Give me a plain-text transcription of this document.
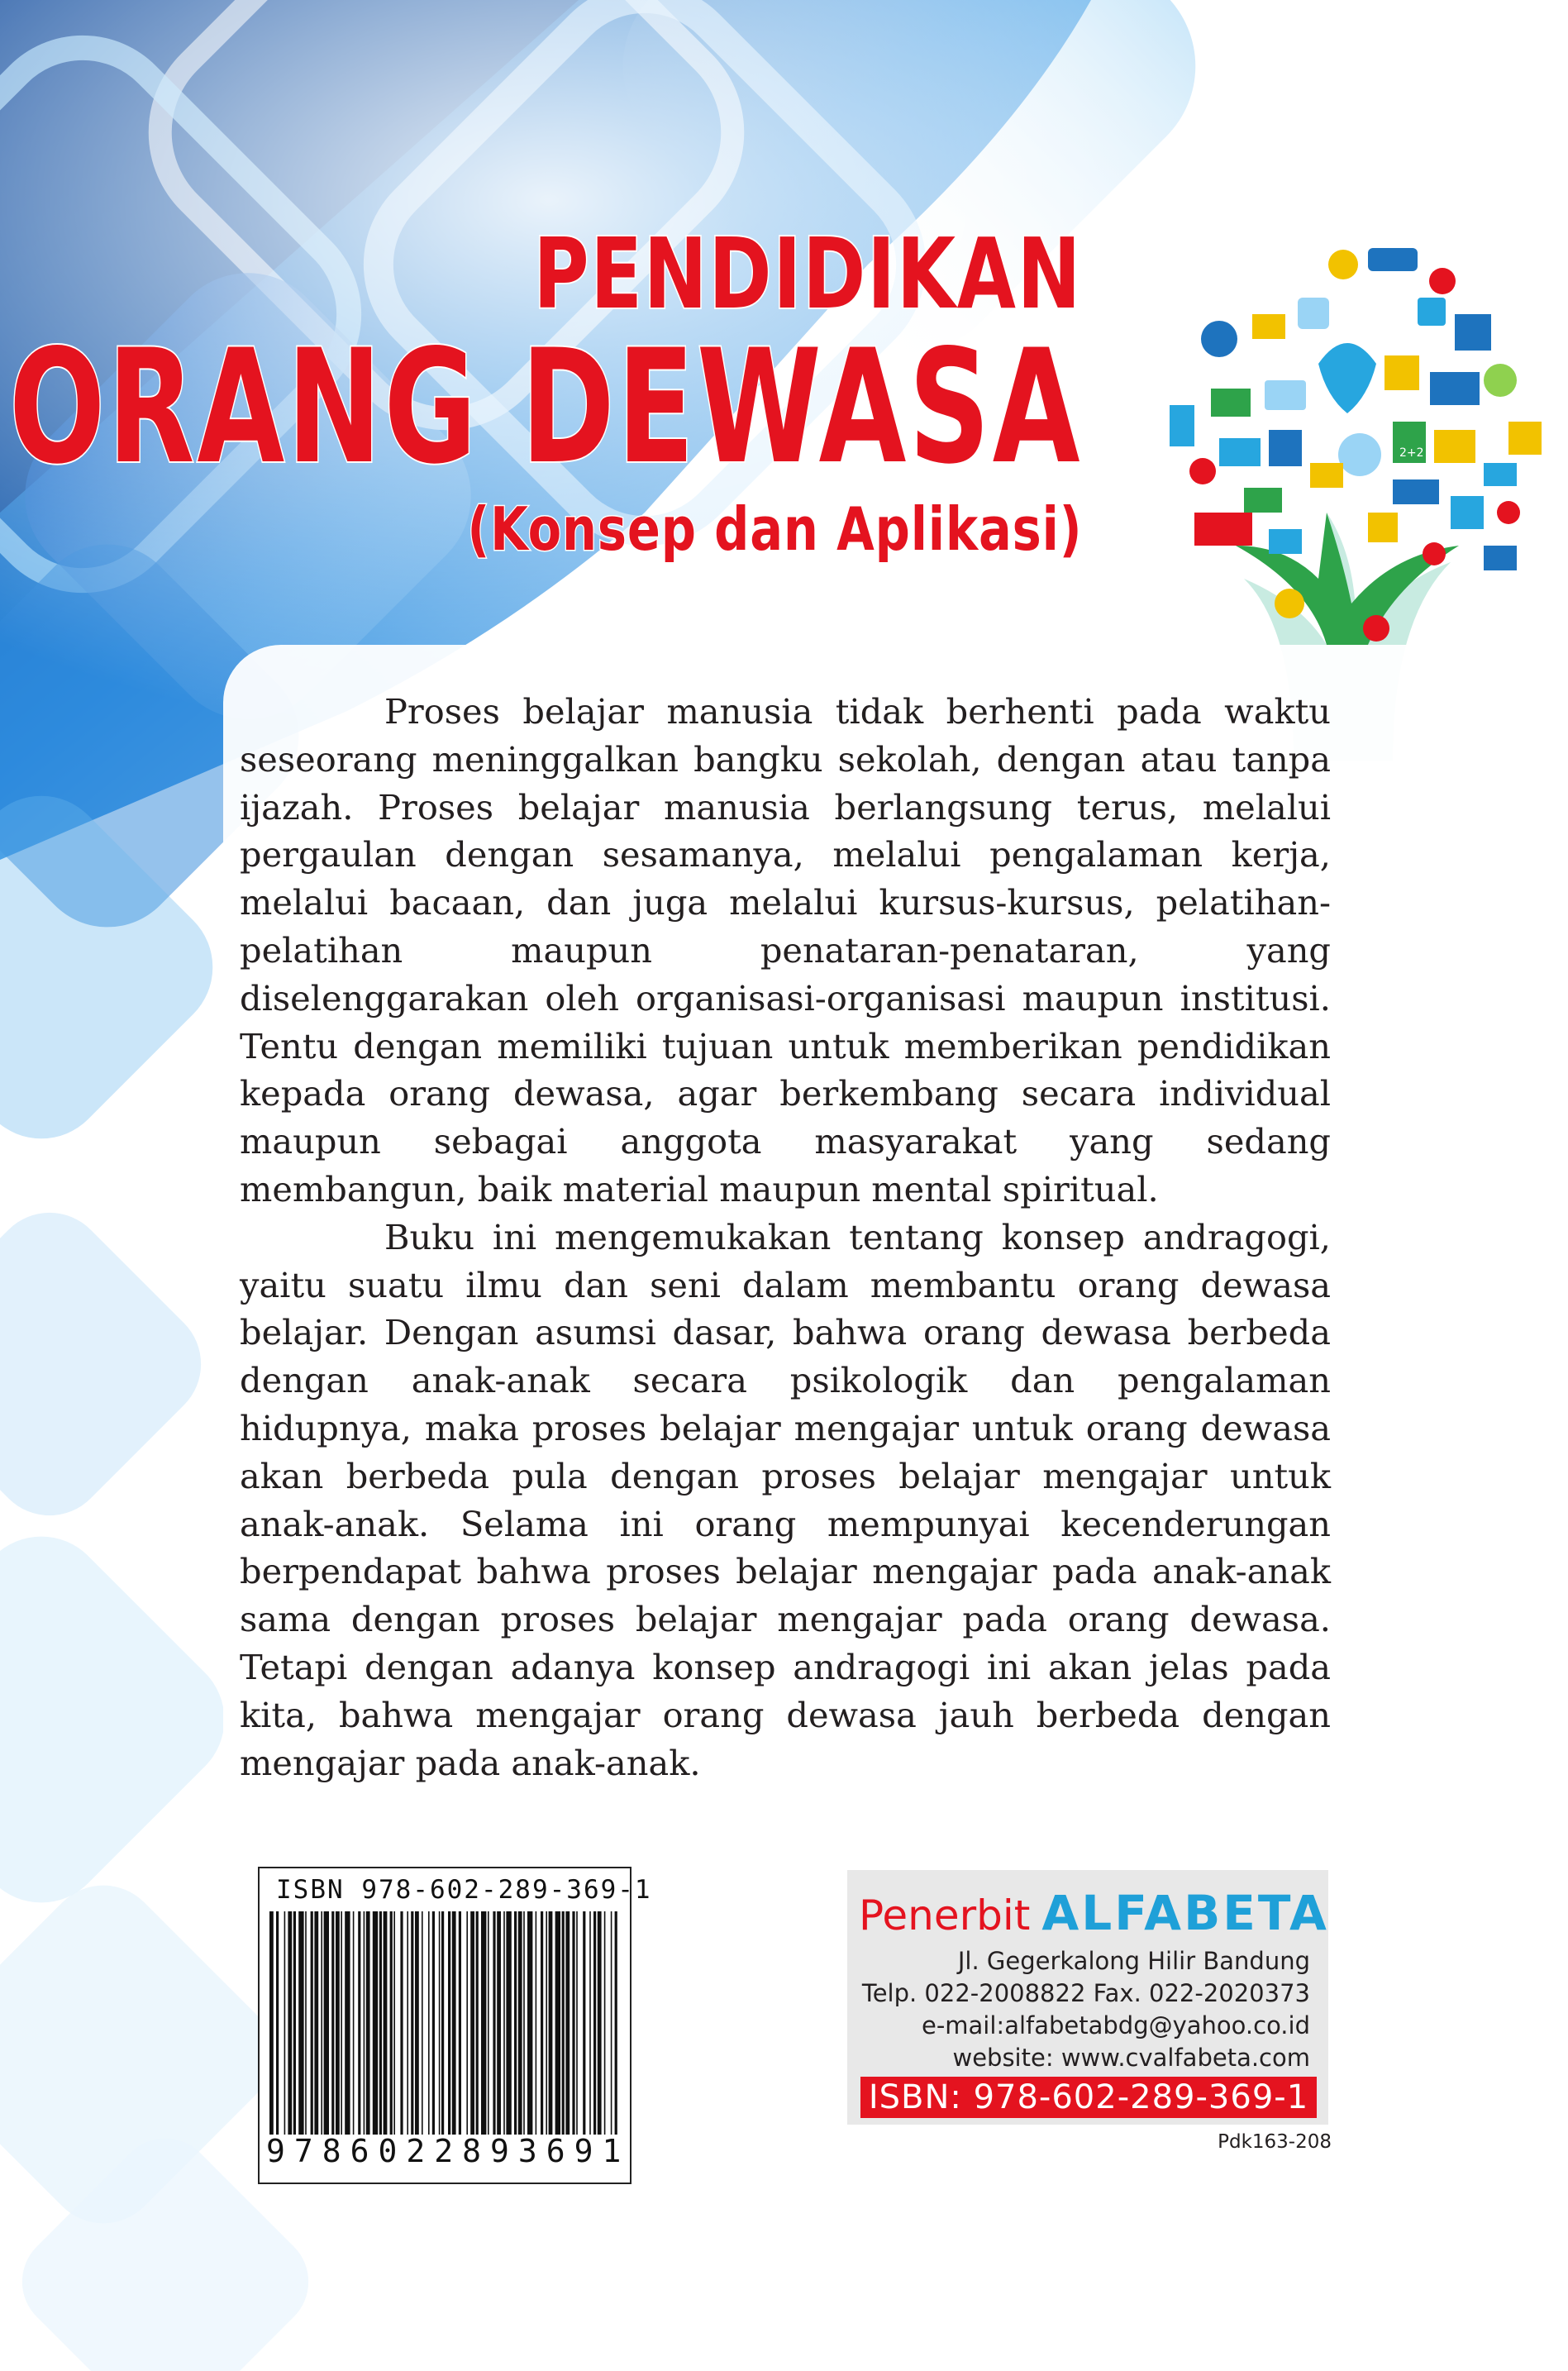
ABC
2+2
PENDIDIKAN
ORANG DEWASA
(Konsep dan Aplikasi)

Proses belajar manusia tidak berhenti pada waktu seseorang meninggalkan bangku sekolah, dengan atau tanpa ijazah. Proses belajar manusia berlangsung terus, melalui pergaulan dengan sesamanya, melalui pengalaman kerja, melalui bacaan, dan juga melalui kursus-kursus, pelatihan-pelatihan maupun penataran-penataran, yang diselenggarakan oleh organisasi-organisasi maupun institusi. Tentu dengan memiliki tujuan untuk memberikan pendidikan kepada orang dewasa, agar berkembang secara individual maupun sebagai anggota masyarakat yang sedang membangun, baik material maupun mental spiritual.

Buku ini mengemukakan tentang konsep andragogi, yaitu suatu ilmu dan seni dalam membantu orang dewasa belajar. Dengan asumsi dasar, bahwa orang dewasa berbeda dengan anak-anak secara psikologik dan pengalaman hidupnya, maka proses belajar mengajar untuk orang dewasa akan berbeda pula dengan proses belajar mengajar untuk anak-anak. Selama ini orang mempunyai kecenderungan berpendapat bahwa proses belajar mengajar pada anak-anak sama dengan proses belajar mengajar pada orang dewasa. Tetapi dengan adanya konsep andragogi ini akan jelas pada kita, bahwa mengajar orang dewasa jauh berbeda dengan mengajar pada anak-anak.

ISBN 978-602-289-369-1
9786022893691
Penerbit ALFABETA
Jl. Gegerkalong Hilir Bandung
Telp. 022-2008822 Fax. 022-2020373
e-mail:alfabetabdg@yahoo.co.id
website: www.cvalfabeta.com
ISBN: 978-602-289-369-1
Pdk163-208
